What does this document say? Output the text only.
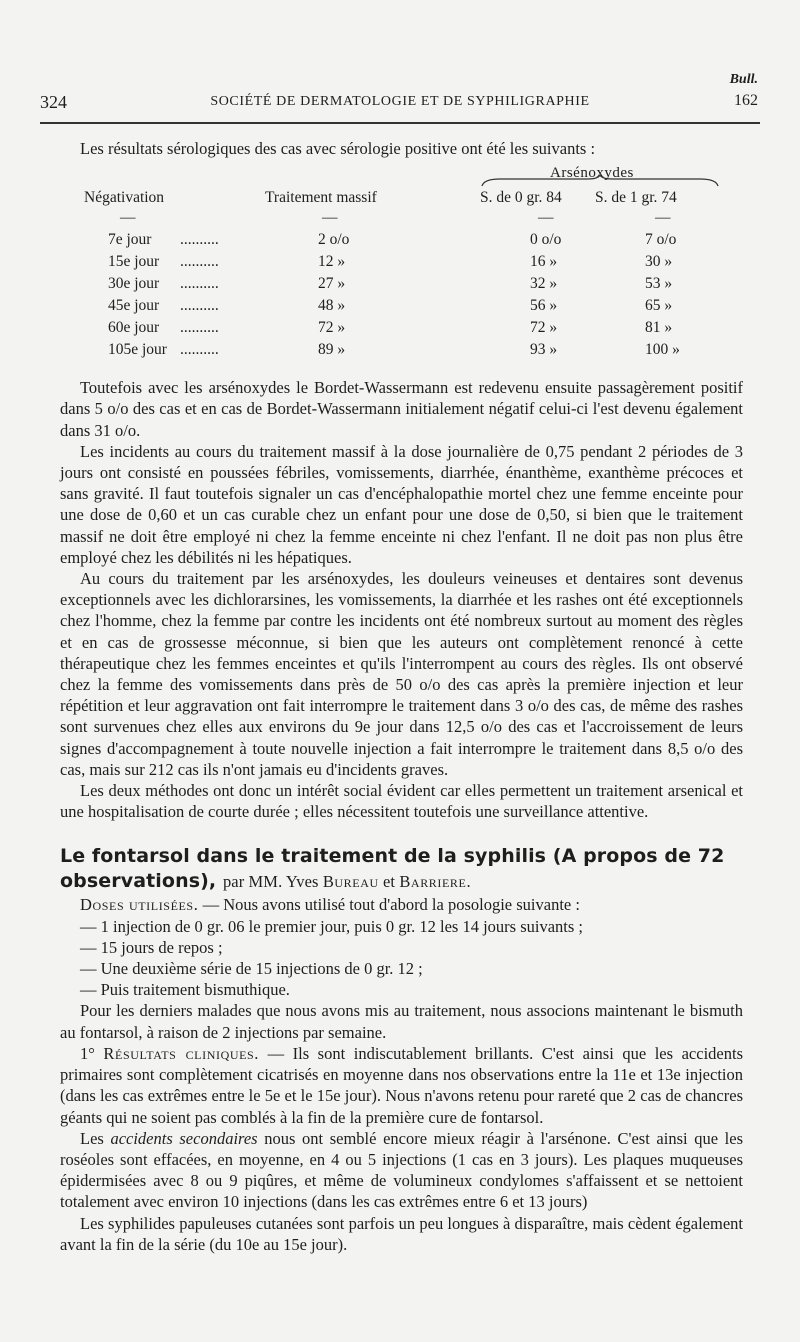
Bull.
324	SOCIÉTÉ DE DERMATOLOGIE ET DE SYPHILIGRAPHIE	162

Les résultats sérologiques des cas avec sérologie positive ont été les suivants :

Arsénoxydes
Négativation	Traitement massif	S. de 0 gr. 84 S. de 1 gr. 74
—	—	—	—
7e jour	2 o/o	0 o/o	7 o/o
..........
15e jour	12 »	16 »	30 »
..........
30e jour	27 »	32 »	53 »
..........
45e jour	48 »	56 »	65 »
..........
60e jour	72 »	72 »	81 »
..........
105e jour	89 »	93 »	100 »
..........

Toutefois avec les arsénoxydes le Bordet-Wassermann est redevenu ensuite passagèrement positif dans 5 o/o des cas et en cas de Bordet-Wassermann initialement négatif celui-ci l'est devenu également dans 31 o/o.

Les incidents au cours du traitement massif à la dose journalière de 0,75 pendant 2 périodes de 3 jours ont consisté en poussées fébriles, vomissements, diarrhée, énanthème, exanthème précoces et sans gravité. Il faut toutefois signaler un cas d'encéphalopathie mortel chez une femme enceinte pour une dose de 0,60 et un cas curable chez un enfant pour une dose de 0,50, si bien que le traitement massif ne doit être employé ni chez la femme enceinte ni chez l'enfant. Il ne doit pas non plus être employé chez les débilités ni les hépatiques.

Au cours du traitement par les arsénoxydes, les douleurs veineuses et dentaires sont devenus exceptionnels avec les dichlorarsines, les vomissements, la diarrhée et les rashes ont été exceptionnels chez l'homme, chez la femme par contre les incidents ont été nombreux surtout au moment des règles et en cas de grossesse méconnue, si bien que les auteurs ont complètement renoncé à cette thérapeutique chez les femmes enceintes et qu'ils l'interrompent au cours des règles. Ils ont observé chez la femme des vomissements dans près de 50 o/o des cas après la première injection et leur répétition et leur aggravation ont fait interrompre le traitement dans 3 o/o des cas, de même des rashes sont survenues chez elles aux environs du 9e jour dans 12,5 o/o des cas et l'accroissement de leurs signes d'accompagnement à toute nouvelle injection a fait interrompre le traitement dans 8,5 o/o des cas, mais sur 212 cas ils n'ont jamais eu d'incidents graves.

Les deux méthodes ont donc un intérêt social évident car elles permettent un traitement arsenical et une hospitalisation de courte durée ; elles nécessitent toutefois une surveillance attentive.

Le fontarsol dans le traitement de la syphilis (A propos de 72 observations), par MM. Yves Bureau et Barriere.

Doses utilisées. — Nous avons utilisé tout d'abord la posologie suivante :

— 1 injection de 0 gr. 06 le premier jour, puis 0 gr. 12 les 14 jours suivants ;

— 15 jours de repos ;

— Une deuxième série de 15 injections de 0 gr. 12 ;

— Puis traitement bismuthique.

Pour les derniers malades que nous avons mis au traitement, nous associons maintenant le bismuth au fontarsol, à raison de 2 injections par semaine.

1° Résultats cliniques. — Ils sont indiscutablement brillants. C'est ainsi que les accidents primaires sont complètement cicatrisés en moyenne dans nos observations entre la 11e et 13e injection (dans les cas extrêmes entre le 5e et le 15e jour). Nous n'avons retenu pour rareté que 2 cas de chancres géants qui ne soient pas comblés à la fin de la première cure de fontarsol.

Les accidents secondaires nous ont semblé encore mieux réagir à l'arsénone. C'est ainsi que les roséoles sont effacées, en moyenne, en 4 ou 5 injections (1 cas en 3 jours). Les plaques muqueuses épidermisées avec 8 ou 9 piqûres, et même de volumineux condylomes s'affaissent et se nettoient totalement avec environ 10 injections (dans les cas extrêmes entre 6 et 13 jours)

Les syphilides papuleuses cutanées sont parfois un peu longues à disparaître, mais cèdent également avant la fin de la série (du 10e au 15e jour).
